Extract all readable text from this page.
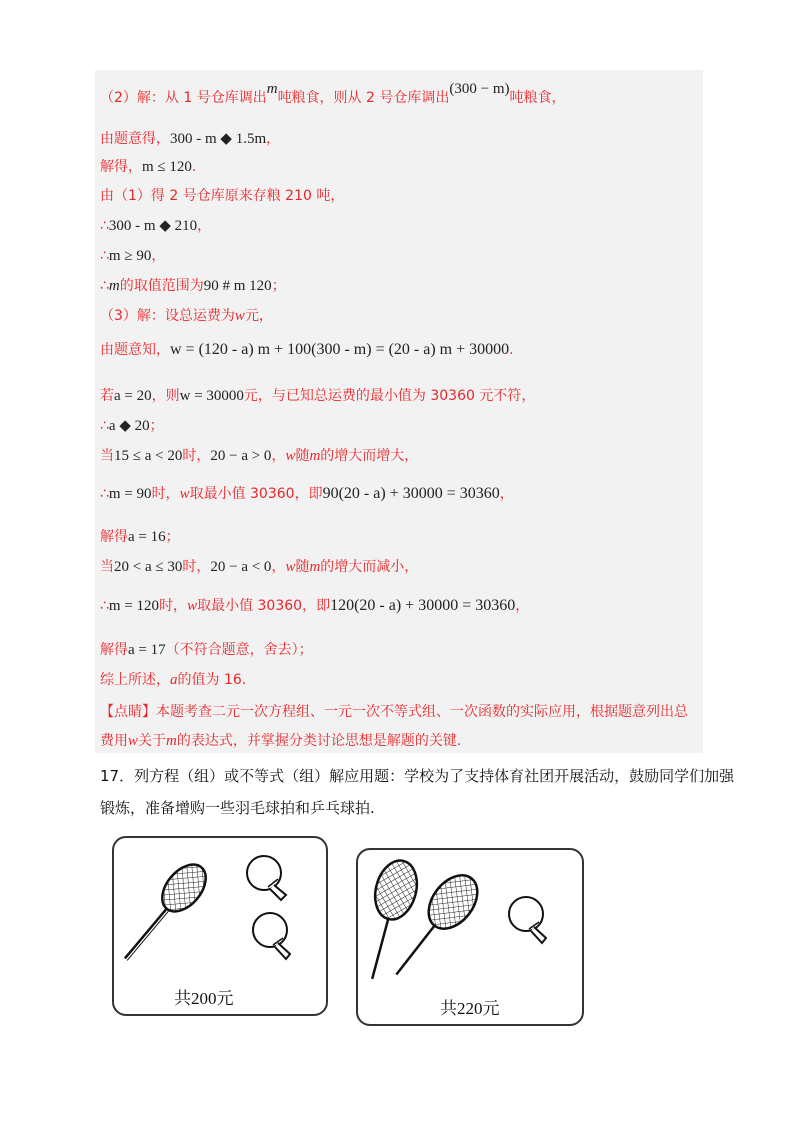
（2）解：从 1 号仓库调出m吨粮食，则从 2 号仓库调出(300 − m)吨粮食，
由题意得，300 - m ◆ 1.5m，
解得，m ≤ 120.
由（1）得 2 号仓库原来存粮 210 吨，
∴300 - m ◆ 210，
∴m ≥ 90，
∴m的取值范围为90 # m 120；
（3）解：设总运费为w元，
由题意知，w = (120 - a) m + 100(300 - m) = (20 - a) m + 30000.
若a = 20，则w = 30000元，与已知总运费的最小值为 30360 元不符，
∴a ◆ 20；
当15 ≤ a < 20时，20 − a > 0，w随m的增大而增大，
∴m = 90时，w取最小值 30360，即90(20 - a) + 30000 = 30360，
解得a = 16；
当20 < a ≤ 30时，20 − a < 0，w随m的增大而减小，
∴m = 120时，w取最小值 30360，即120(20 - a) + 30000 = 30360，
解得a = 17（不符合题意，舍去）；
综上所述，a的值为 16.
【点睛】本题考查二元一次方程组、一元一次不等式组、一次函数的实际应用，根据题意列出总
费用w关于m的表达式，并掌握分类讨论思想是解题的关键.
17．列方程（组）或不等式（组）解应用题：学校为了支持体育社团开展活动，鼓励同学们加强
锻炼，准备增购一些羽毛球拍和乒乓球拍.
共200元
共220元
